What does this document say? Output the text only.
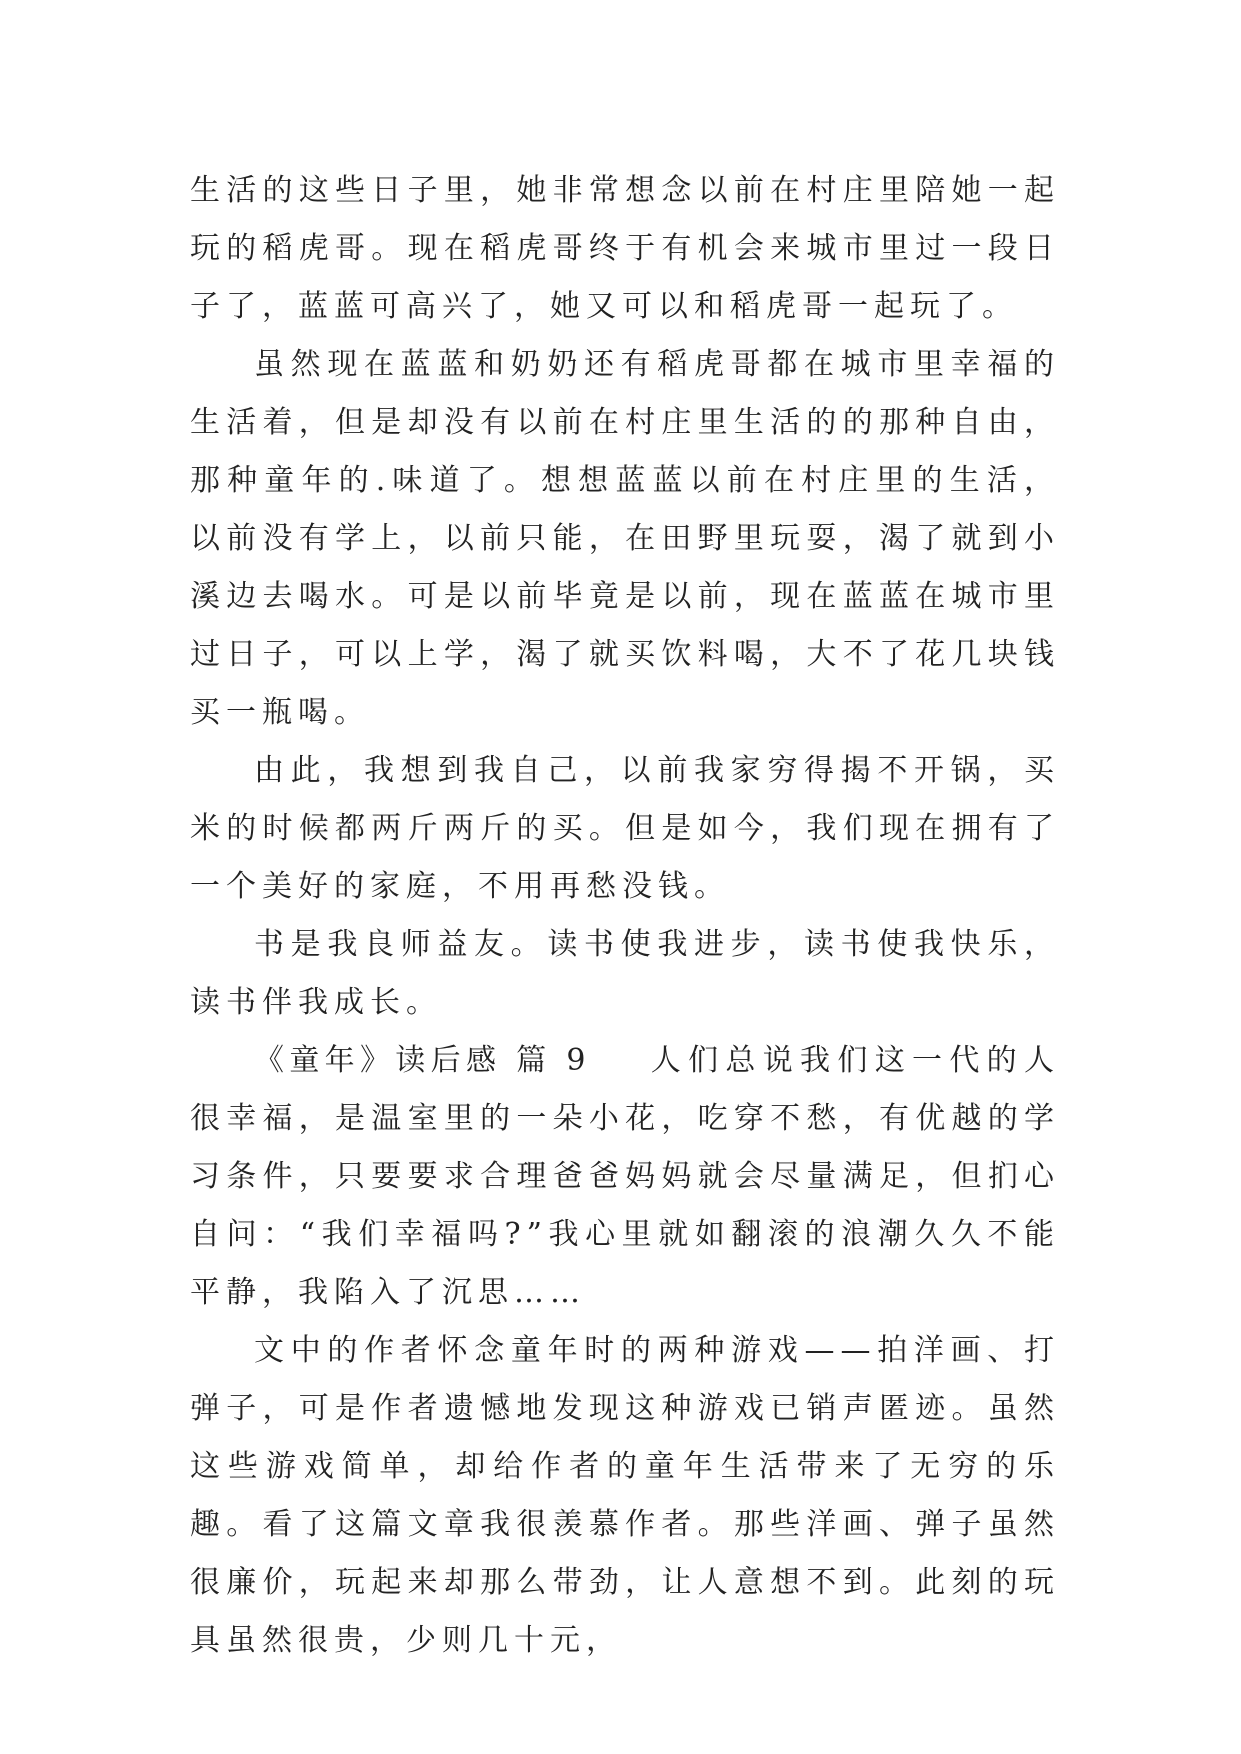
生活的这些日子里，她非常想念以前在村庄里陪她一起玩的稻虎哥。现在稻虎哥终于有机会来城市里过一段日子了，蓝蓝可高兴了，她又可以和稻虎哥一起玩了。

虽然现在蓝蓝和奶奶还有稻虎哥都在城市里幸福的生活着，但是却没有以前在村庄里生活的的那种自由，那种童年的.味道了。想想蓝蓝以前在村庄里的生活，以前没有学上，以前只能，在田野里玩耍，渴了就到小溪边去喝水。可是以前毕竟是以前，现在蓝蓝在城市里过日子，可以上学，渴了就买饮料喝，大不了花几块钱买一瓶喝。

由此，我想到我自己，以前我家穷得揭不开锅，买米的时候都两斤两斤的买。但是如今，我们现在拥有了一个美好的家庭，不用再愁没钱。

书是我良师益友。读书使我进步，读书使我快乐，读书伴我成长。

《童年》读后感 篇 9 人们总说我们这一代的人很幸福，是温室里的一朵小花，吃穿不愁，有优越的学习条件，只要要求合理爸爸妈妈就会尽量满足，但扪心自问：“我们幸福吗?”我心里就如翻滚的浪潮久久不能平静，我陷入了沉思……

文中的作者怀念童年时的两种游戏——拍洋画、打弹子，可是作者遗憾地发现这种游戏已销声匿迹。虽然这些游戏简单，却给作者的童年生活带来了无穷的乐趣。看了这篇文章我很羡慕作者。那些洋画、弹子虽然很廉价，玩起来却那么带劲，让人意想不到。此刻的玩具虽然很贵，少则几十元，
